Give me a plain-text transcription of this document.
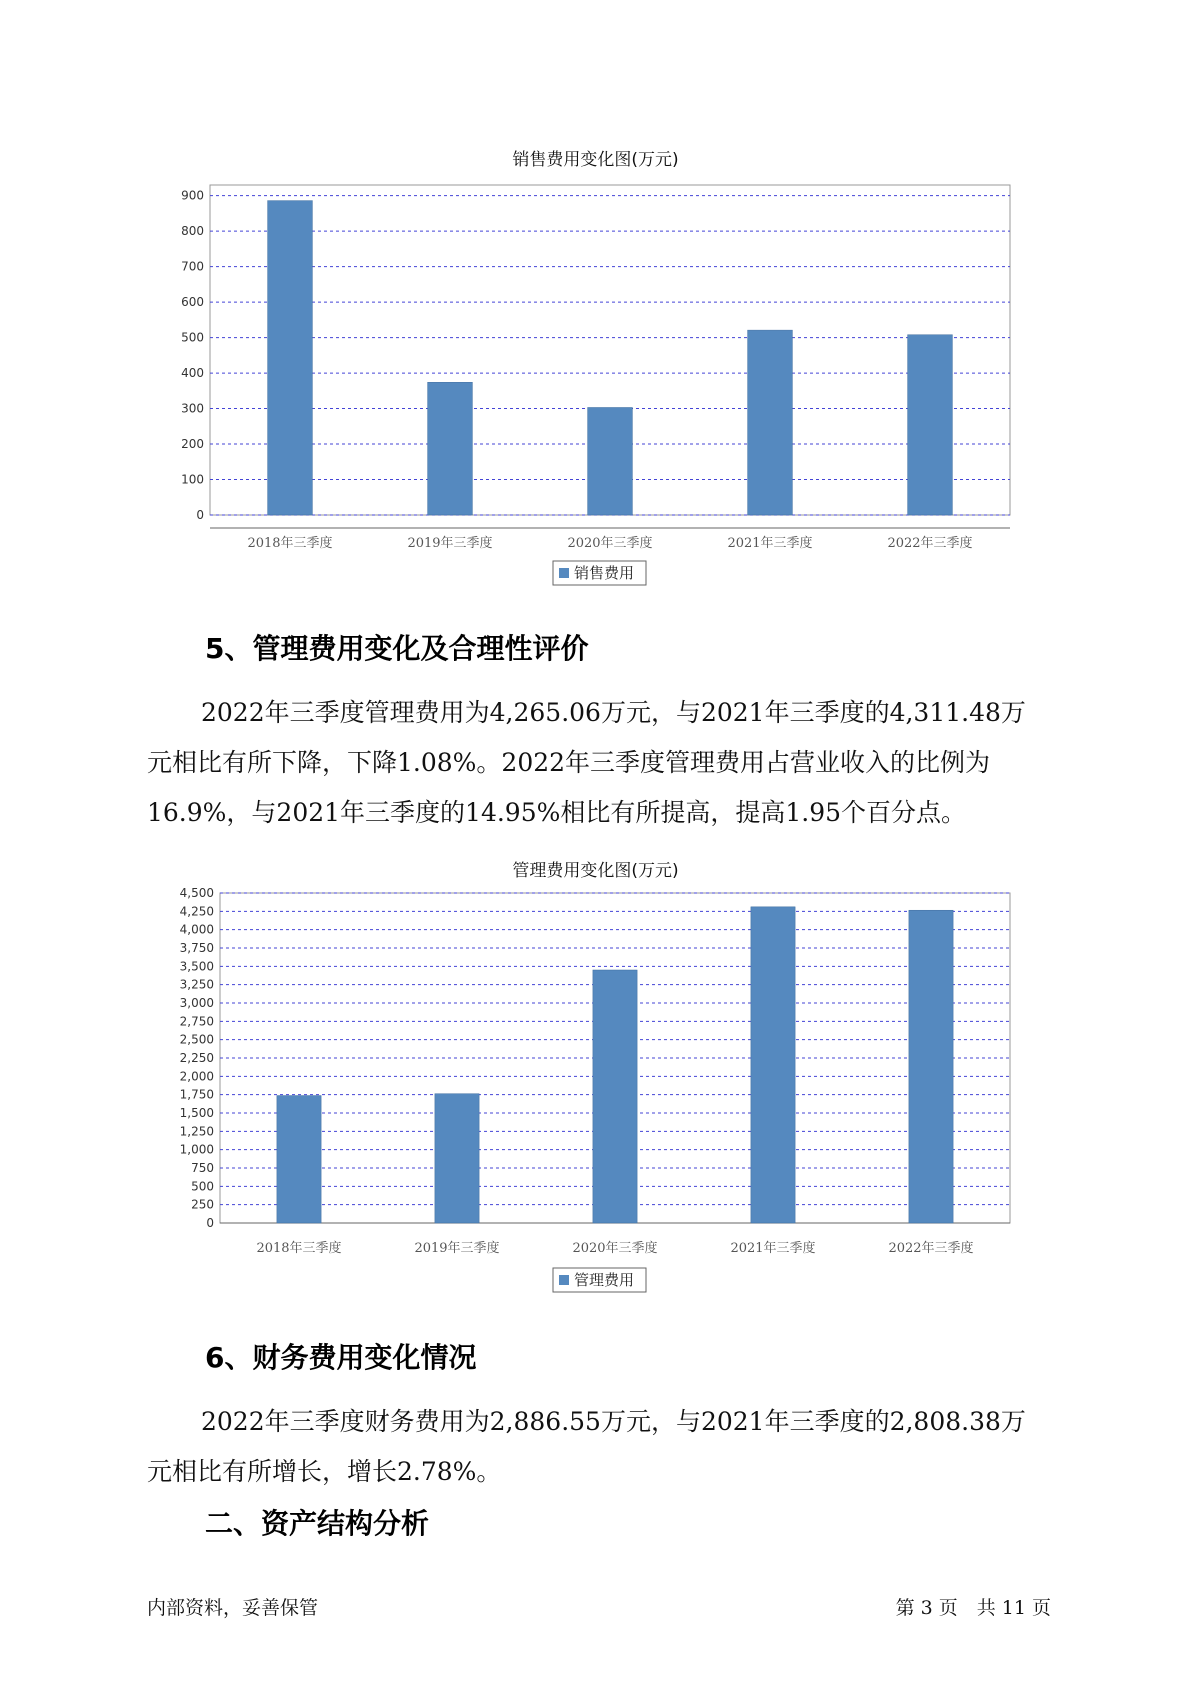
销售费用变化图(万元)
0
100
200
300
400
500
600
700
800
900
2018年三季度	2019年三季度	2020年三季度	2021年三季度	2022年三季度
销售费用
5、管理费用变化及合理性评价
2022年三季度管理费用为4,265.06万元，与2021年三季度的4,311.48万元相比有所下降，下降1.08%。2022年三季度管理费用占营业收入的比例为16.9%，与2021年三季度的14.95%相比有所提高，提高1.95个百分点。
管理费用变化图(万元)
0
250
500
750
1,000
1,250
1,500
1,750
2,000
2,250
2,500
2,750
3,000
3,250
3,500
3,750
4,000
4,250
4,500
2018年三季度	2019年三季度	2020年三季度	2021年三季度	2022年三季度
管理费用
6、财务费用变化情况
2022年三季度财务费用为2,886.55万元，与2021年三季度的2,808.38万元相比有所增长，增长2.78%。
二、资产结构分析
内部资料，妥善保管	第 3 页　共 11 页
